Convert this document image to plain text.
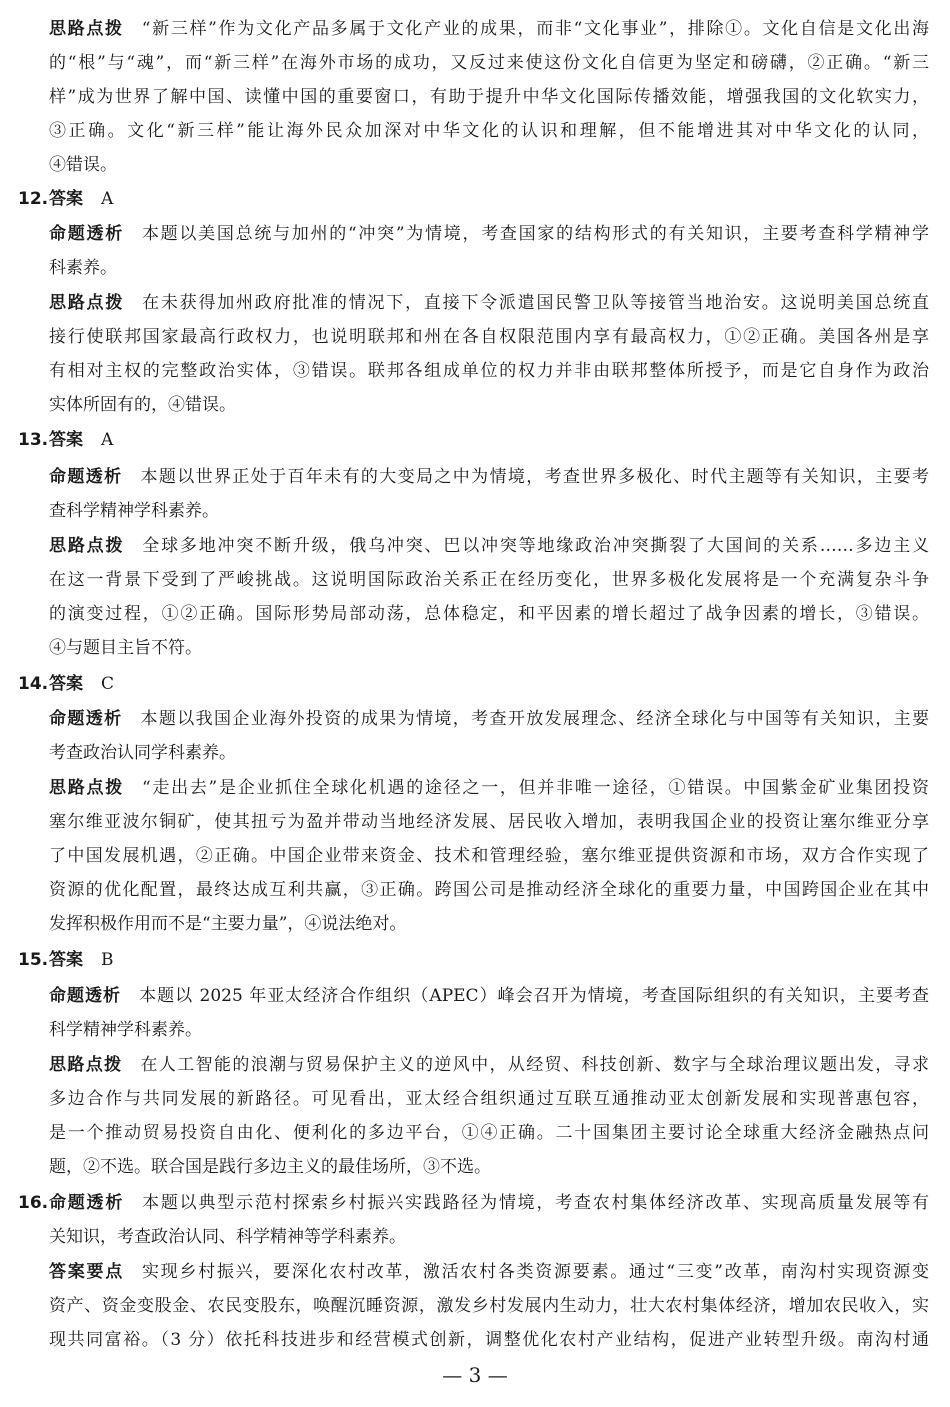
思路点拨 “新三样”作为文化产品多属于文化产业的成果，而非“文化事业”，排除①。文化自信是文化出海
的“根”与“魂”，而“新三样”在海外市场的成功，又反过来使这份文化自信更为坚定和磅礴，②正确。“新三
样”成为世界了解中国、读懂中国的重要窗口，有助于提升中华文化国际传播效能，增强我国的文化软实力，
③正确。文化“新三样”能让海外民众加深对中华文化的认识和理解，但不能增进其对中华文化的认同，
④错误。
12. 答案 A
命题透析 本题以美国总统与加州的“冲突”为情境，考查国家的结构形式的有关知识，主要考查科学精神学
科素养。
思路点拨 在未获得加州政府批准的情况下，直接下令派遣国民警卫队等接管当地治安。这说明美国总统直
接行使联邦国家最高行政权力，也说明联邦和州在各自权限范围内享有最高权力，①②正确。美国各州是享
有相对主权的完整政治实体，③错误。联邦各组成单位的权力并非由联邦整体所授予，而是它自身作为政治
实体所固有的，④错误。
13. 答案 A
命题透析 本题以世界正处于百年未有的大变局之中为情境，考查世界多极化、时代主题等有关知识，主要考
查科学精神学科素养。
思路点拨 全球多地冲突不断升级，俄乌冲突、巴以冲突等地缘政治冲突撕裂了大国间的关系……多边主义
在这一背景下受到了严峻挑战。这说明国际政治关系正在经历变化，世界多极化发展将是一个充满复杂斗争
的演变过程，①②正确。国际形势局部动荡，总体稳定，和平因素的增长超过了战争因素的增长，③错误。
④与题目主旨不符。
14. 答案 C
命题透析 本题以我国企业海外投资的成果为情境，考查开放发展理念、经济全球化与中国等有关知识，主要
考查政治认同学科素养。
思路点拨 “走出去”是企业抓住全球化机遇的途径之一，但并非唯一途径，①错误。中国紫金矿业集团投资
塞尔维亚波尔铜矿，使其扭亏为盈并带动当地经济发展、居民收入增加，表明我国企业的投资让塞尔维亚分享
了中国发展机遇，②正确。中国企业带来资金、技术和管理经验，塞尔维亚提供资源和市场，双方合作实现了
资源的优化配置，最终达成互利共赢，③正确。跨国公司是推动经济全球化的重要力量，中国跨国企业在其中
发挥积极作用而不是“主要力量”，④说法绝对。
15. 答案 B
命题透析 本题以 2025 年亚太经济合作组织（APEC）峰会召开为情境，考查国际组织的有关知识，主要考查
科学精神学科素养。
思路点拨 在人工智能的浪潮与贸易保护主义的逆风中，从经贸、科技创新、数字与全球治理议题出发，寻求
多边合作与共同发展的新路径。可见看出，亚太经合组织通过互联互通推动亚太创新发展和实现普惠包容，
是一个推动贸易投资自由化、便利化的多边平台，①④正确。二十国集团主要讨论全球重大经济金融热点问
题，②不选。联合国是践行多边主义的最佳场所，③不选。
16. 命题透析 本题以典型示范村探索乡村振兴实践路径为情境，考查农村集体经济改革、实现高质量发展等有
关知识，考查政治认同、科学精神等学科素养。
答案要点 实现乡村振兴，要深化农村改革，激活农村各类资源要素。通过“三变”改革，南沟村实现资源变
资产、资金变股金、农民变股东，唤醒沉睡资源，激发乡村发展内生动力，壮大农村集体经济，增加农民收入，实
现共同富裕。（3 分）依托科技进步和经营模式创新，调整优化农村产业结构，促进产业转型升级。南沟村通
— 3 —
